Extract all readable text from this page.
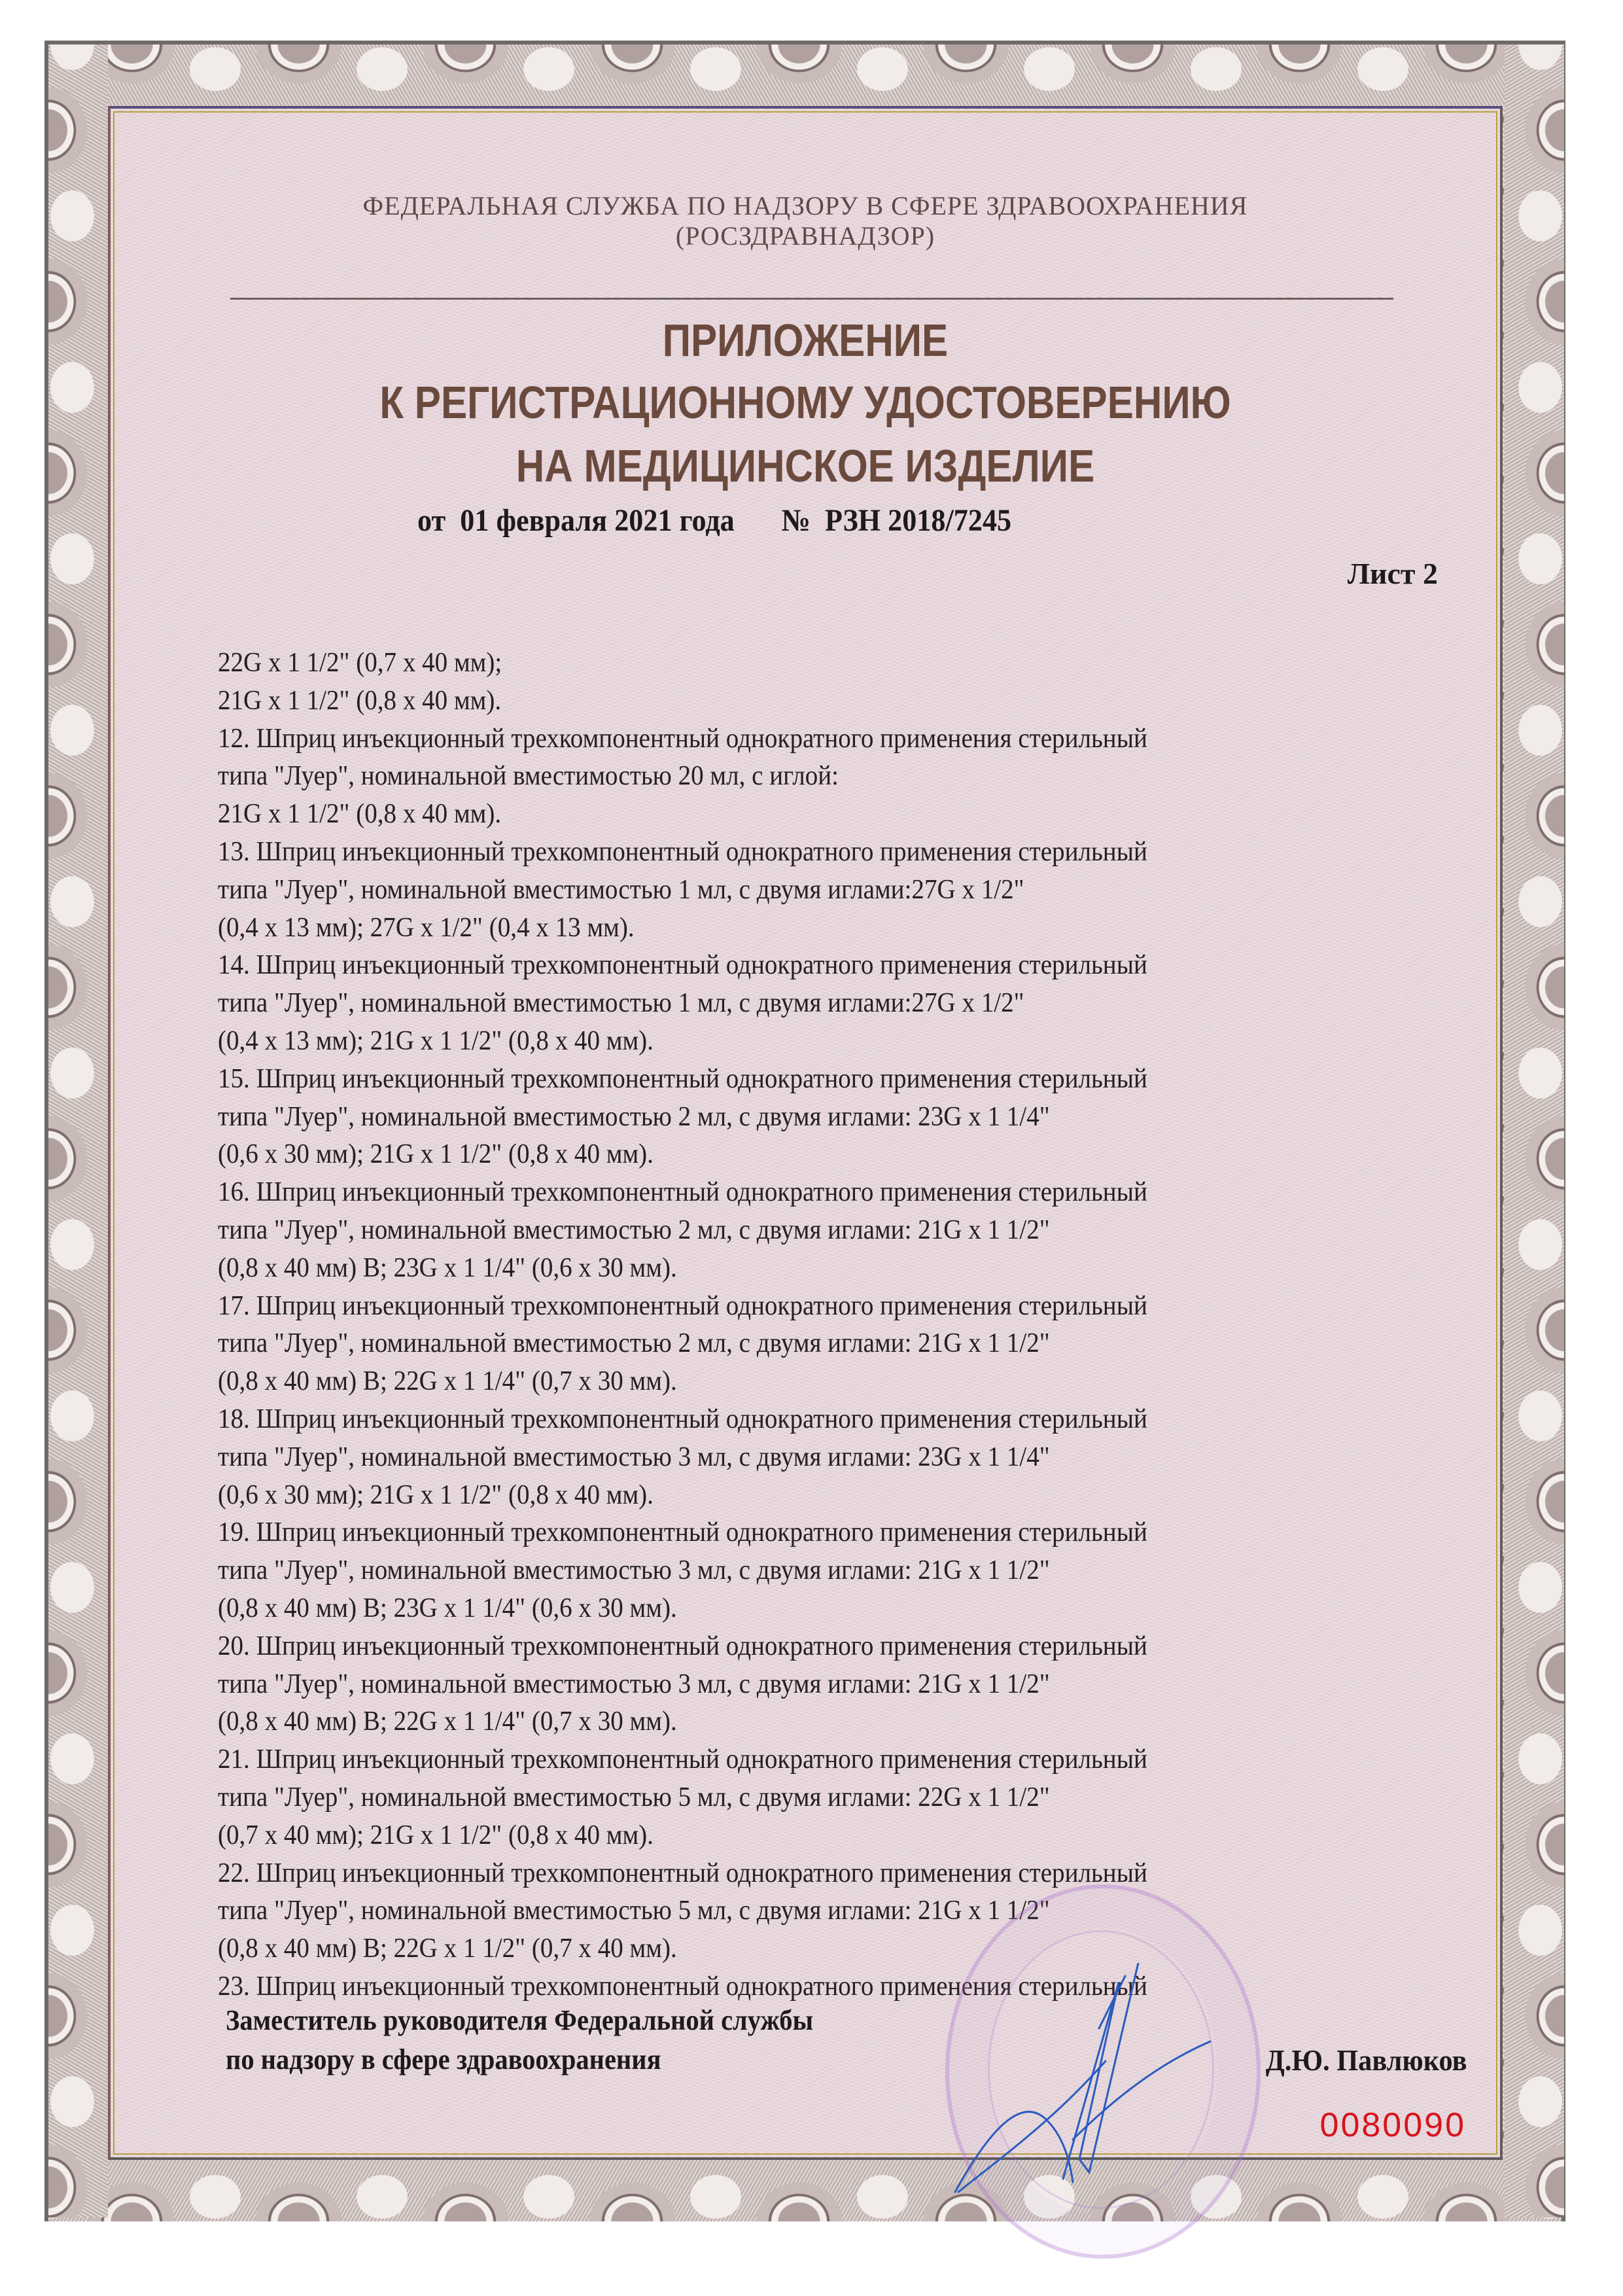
ФЕДЕРАЛЬНАЯ СЛУЖБА ПО НАДЗОРУ В СФЕРЕ ЗДРАВООХРАНЕНИЯ
(РОСЗДРАВНАДЗОР)
ПРИЛОЖЕНИЕ
К РЕГИСТРАЦИОННОМУ УДОСТОВЕРЕНИЮ
НА МЕДИЦИНСКОЕ ИЗДЕЛИЕ
от  01 февраля 2021 года №  РЗН 2018/7245
Лист 2
22G x 1 1/2" (0,7 x 40 мм);
21G x 1 1/2" (0,8 x 40 мм).
12. Шприц инъекционный трехкомпонентный однократного применения стерильный
типа "Луер", номинальной вместимостью 20 мл, с иглой:
21G x 1 1/2" (0,8 x 40 мм).
13. Шприц инъекционный трехкомпонентный однократного применения стерильный
типа "Луер", номинальной вместимостью 1 мл, с двумя иглами:27G x 1/2"
(0,4 x 13 мм); 27G x 1/2" (0,4 x 13 мм).
14. Шприц инъекционный трехкомпонентный однократного применения стерильный
типа "Луер", номинальной вместимостью 1 мл, с двумя иглами:27G x 1/2"
(0,4 x 13 мм); 21G x 1 1/2" (0,8 x 40 мм).
15. Шприц инъекционный трехкомпонентный однократного применения стерильный
типа "Луер", номинальной вместимостью 2 мл, с двумя иглами: 23G x 1 1/4"
(0,6 x 30 мм); 21G x 1 1/2" (0,8 x 40 мм).
16. Шприц инъекционный трехкомпонентный однократного применения стерильный
типа "Луер", номинальной вместимостью 2 мл, с двумя иглами: 21G x 1 1/2"
(0,8 x 40 мм) B; 23G x 1 1/4" (0,6 x 30 мм).
17. Шприц инъекционный трехкомпонентный однократного применения стерильный
типа "Луер", номинальной вместимостью 2 мл, с двумя иглами: 21G x 1 1/2"
(0,8 x 40 мм) B; 22G x 1 1/4" (0,7 x 30 мм).
18. Шприц инъекционный трехкомпонентный однократного применения стерильный
типа "Луер", номинальной вместимостью 3 мл, с двумя иглами: 23G x 1 1/4"
(0,6 x 30 мм); 21G x 1 1/2" (0,8 x 40 мм).
19. Шприц инъекционный трехкомпонентный однократного применения стерильный
типа "Луер", номинальной вместимостью 3 мл, с двумя иглами: 21G x 1 1/2"
(0,8 x 40 мм) B; 23G x 1 1/4" (0,6 x 30 мм).
20. Шприц инъекционный трехкомпонентный однократного применения стерильный
типа "Луер", номинальной вместимостью 3 мл, с двумя иглами: 21G x 1 1/2"
(0,8 x 40 мм) B; 22G x 1 1/4" (0,7 x 30 мм).
21. Шприц инъекционный трехкомпонентный однократного применения стерильный
типа "Луер", номинальной вместимостью 5 мл, с двумя иглами: 22G x 1 1/2"
(0,7 x 40 мм); 21G x 1 1/2" (0,8 x 40 мм).
22. Шприц инъекционный трехкомпонентный однократного применения стерильный
типа "Луер", номинальной вместимостью 5 мл, с двумя иглами: 21G x 1 1/2"
(0,8 x 40 мм) B; 22G x 1 1/2" (0,7 x 40 мм).
23. Шприц инъекционный трехкомпонентный однократного применения стерильный
Заместитель руководителя Федеральной службы
по надзору в сфере здравоохранения	Д.Ю. Павлюков
0080090
